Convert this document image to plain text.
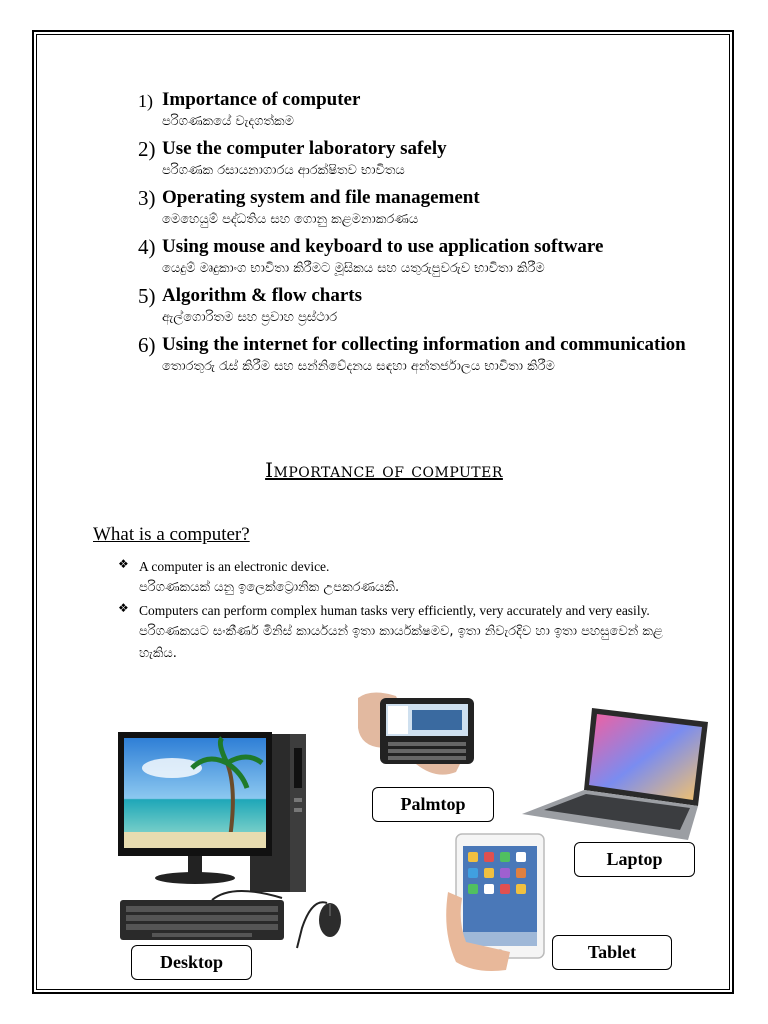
1) Importance of computer
පරිගණකයේ වැදගත්කම
2) Use the computer laboratory safely
පරිගණක රසායනාගාරය ආරක්ෂිතව භාවිතය
3) Operating system and file management
මෙහෙයුම් පද්ධතිය සහ ගොනු කළමනාකරණය
4) Using mouse and keyboard to use application software
යෙදුම් මෘදුකාංග භාවිතා කිරීමට මූසිකය සහ යතුරුපුවරුව භාවිතා කිරීම
5) Algorithm & flow charts
ඇල්ගොරිතම සහ ප්‍රවාහ ප්‍රස්ථාර
6) Using the internet for collecting information and communication
තොරතුරු රැස් කිරීම සහ සන්නිවේදනය සඳහා අන්තර්ජාලය භාවිතා කිරීම
Importance of computer
What is a computer?
❖ A computer is an electronic device.
පරිගණකයක් යනු ඉලෙක්ට්‍රොනික උපකරණයකි.
❖ Computers can perform complex human tasks very efficiently, very accurately and very easily.
පරිගණකයට සංකීර්ණ මිනිස් කාර්යයන් ඉතා කාර්යක්ෂමව, ඉතා නිවැරදිව හා ඉතා පහසුවෙන් කළ හැකිය.
Palmtop
Laptop
Tablet
Desktop
